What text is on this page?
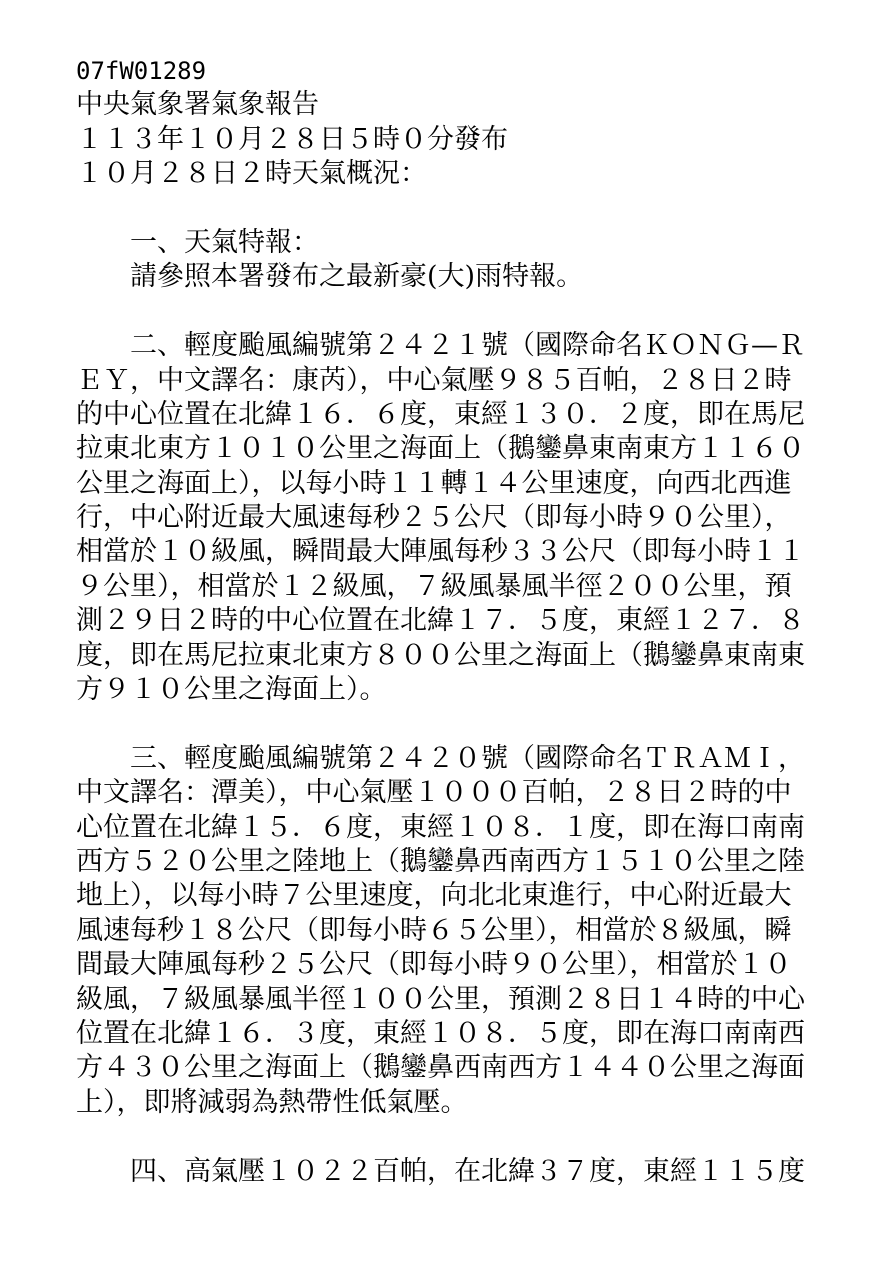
07fW01289
中央氣象署氣象報告
１１３年１０月２８日５時０分發布
１０月２８日２時天氣概況：
一、天氣特報：
請參照本署發布之最新豪(大)雨特報。
二、輕度颱風編號第２４２１號（國際命名ＫＯＮＧ—Ｒ
ＥＹ，中文譯名：康芮），中心氣壓９８５百帕，２８日２時
的中心位置在北緯１６．６度，東經１３０．２度，即在馬尼
拉東北東方１０１０公里之海面上（鵝鑾鼻東南東方１１６０
公里之海面上），以每小時１１轉１４公里速度，向西北西進
行，中心附近最大風速每秒２５公尺（即每小時９０公里），
相當於１０級風，瞬間最大陣風每秒３３公尺（即每小時１１
９公里），相當於１２級風，７級風暴風半徑２００公里，預
測２９日２時的中心位置在北緯１７．５度，東經１２７．８
度，即在馬尼拉東北東方８００公里之海面上（鵝鑾鼻東南東
方９１０公里之海面上）。
三、輕度颱風編號第２４２０號（國際命名ＴＲＡＭＩ，
中文譯名：潭美），中心氣壓１０００百帕，２８日２時的中
心位置在北緯１５．６度，東經１０８．１度，即在海口南南
西方５２０公里之陸地上（鵝鑾鼻西南西方１５１０公里之陸
地上），以每小時７公里速度，向北北東進行，中心附近最大
風速每秒１８公尺（即每小時６５公里），相當於８級風，瞬
間最大陣風每秒２５公尺（即每小時９０公里），相當於１０
級風，７級風暴風半徑１００公里，預測２８日１４時的中心
位置在北緯１６．３度，東經１０８．５度，即在海口南南西
方４３０公里之海面上（鵝鑾鼻西南西方１４４０公里之海面
上），即將減弱為熱帶性低氣壓。
四、高氣壓１０２２百帕，在北緯３７度，東經１１５度
